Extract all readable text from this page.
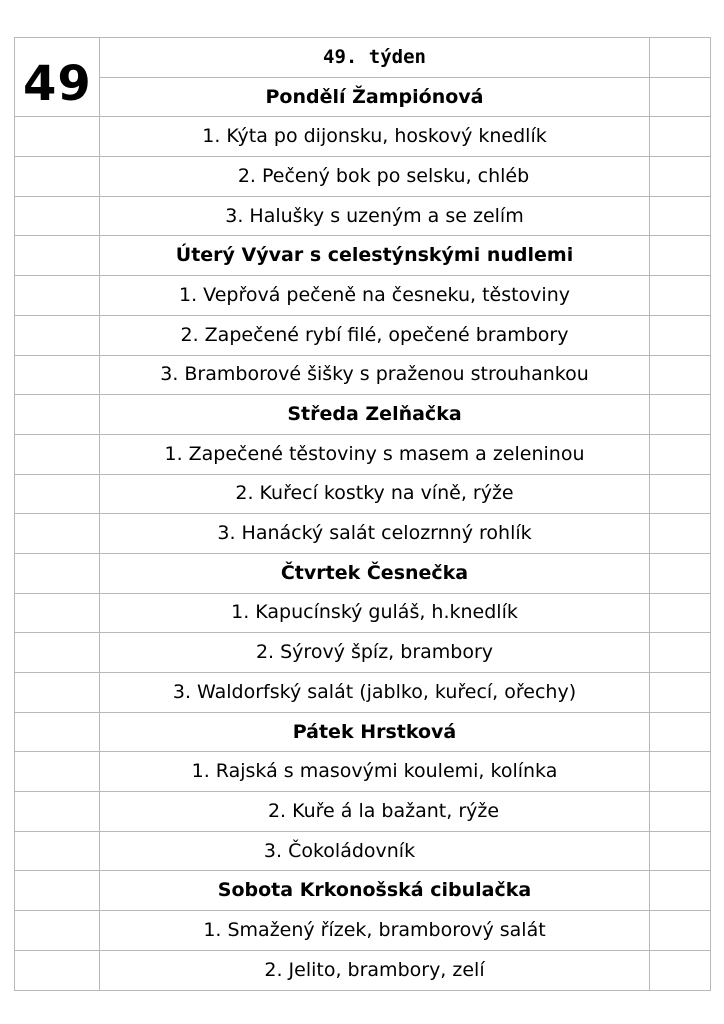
49	49. týden	
	Pondělí Žampiónová	
	1. Kýta po dijonsku, hoskový knedlík	
	2. Pečený bok po selsku, chléb	
	3. Halušky s uzeným a se zelím	
	Úterý Vývar s celestýnskými nudlemi	
	1. Vepřová pečeně na česneku, těstoviny	
	2. Zapečené rybí filé, opečené brambory	
	3. Bramborové šišky s praženou strouhankou	
	Středa Zelňačka	
	1. Zapečené těstoviny s masem a zeleninou	
	2. Kuřecí kostky na víně, rýže	
	3. Hanácký salát celozrnný rohlík	
	Čtvrtek Česnečka	
	1. Kapucínský guláš, h.knedlík	
	2. Sýrový špíz, brambory	
	3. Waldorfský salát (jablko, kuřecí, ořechy)	
	Pátek Hrstková	
	1. Rajská s masovými koulemi, kolínka	
	2. Kuře á la bažant, rýže	
	3. Čokoládovník	
	Sobota Krkonošská cibulačka	
	1. Smažený řízek, bramborový salát	
	2. Jelito, brambory, zelí	
